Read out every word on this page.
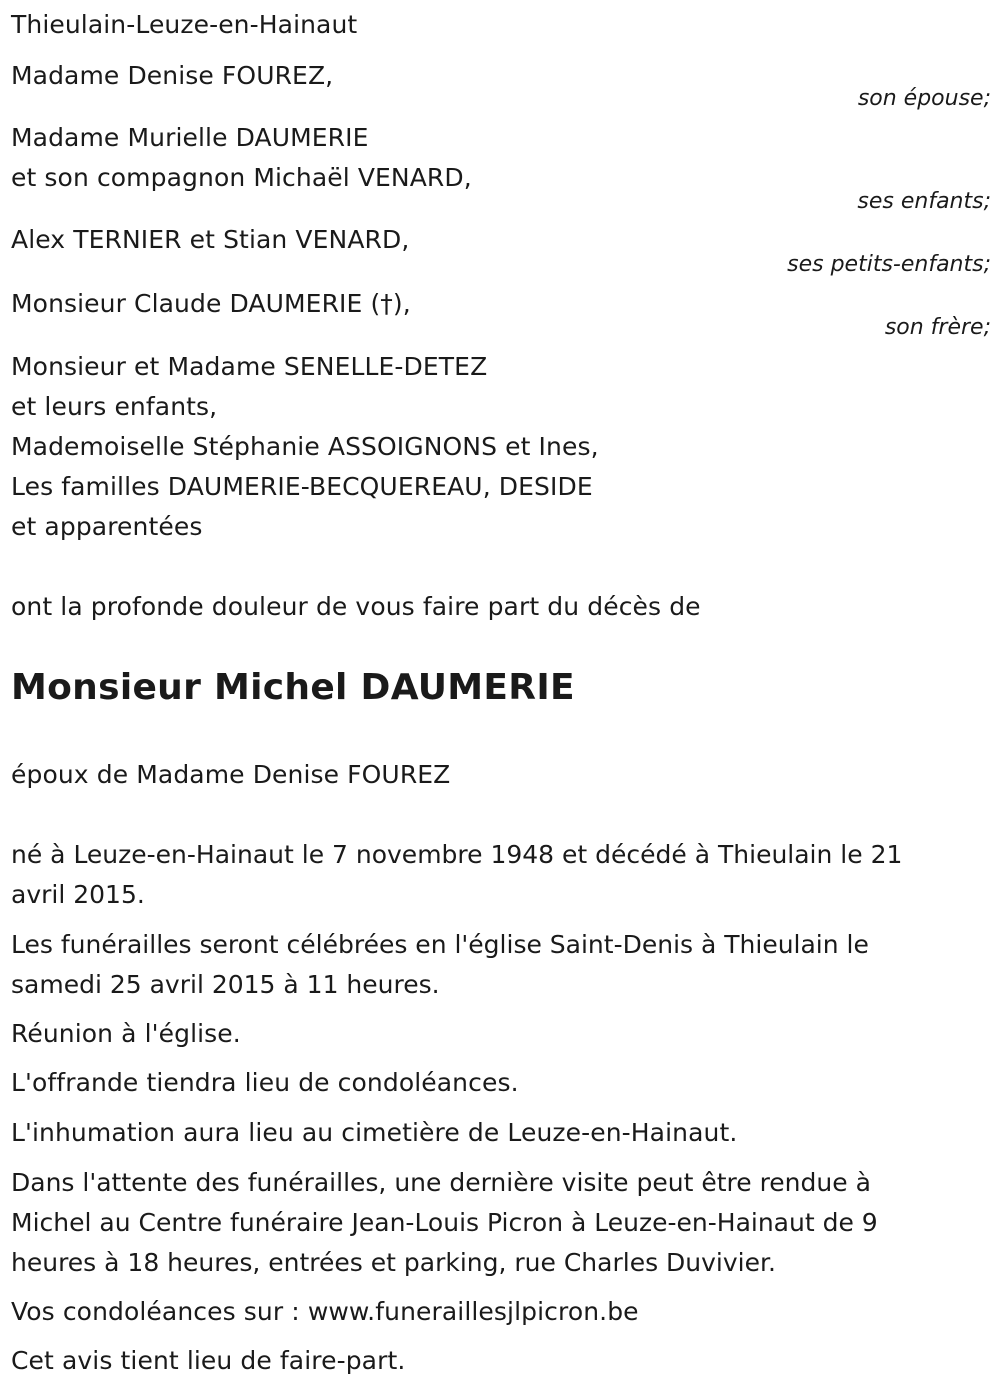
Thieulain-Leuze-en-Hainaut
Madame Denise FOUREZ,
son épouse;
Madame Murielle DAUMERIE
et son compagnon Michaël VENARD,
ses enfants;
Alex TERNIER et Stian VENARD,
ses petits-enfants;
Monsieur Claude DAUMERIE (†),
son frère;
Monsieur et Madame SENELLE-DETEZ
et leurs enfants,
Mademoiselle Stéphanie ASSOIGNONS et Ines,
Les familles DAUMERIE-BECQUEREAU, DESIDE
et apparentées
ont la profonde douleur de vous faire part du décès de
Monsieur Michel DAUMERIE
époux de Madame Denise FOUREZ
né à Leuze-en-Hainaut le 7 novembre 1948 et décédé à Thieulain le 21
avril 2015.
Les funérailles seront célébrées en l'église Saint-Denis à Thieulain le
samedi 25 avril 2015 à 11 heures.
Réunion à l'église.
L'offrande tiendra lieu de condoléances.
L'inhumation aura lieu au cimetière de Leuze-en-Hainaut.
Dans l'attente des funérailles, une dernière visite peut être rendue à
Michel au Centre funéraire Jean-Louis Picron à Leuze-en-Hainaut de 9
heures à 18 heures, entrées et parking, rue Charles Duvivier.
Vos condoléances sur : www.funeraillesjlpicron.be
Cet avis tient lieu de faire-part.
